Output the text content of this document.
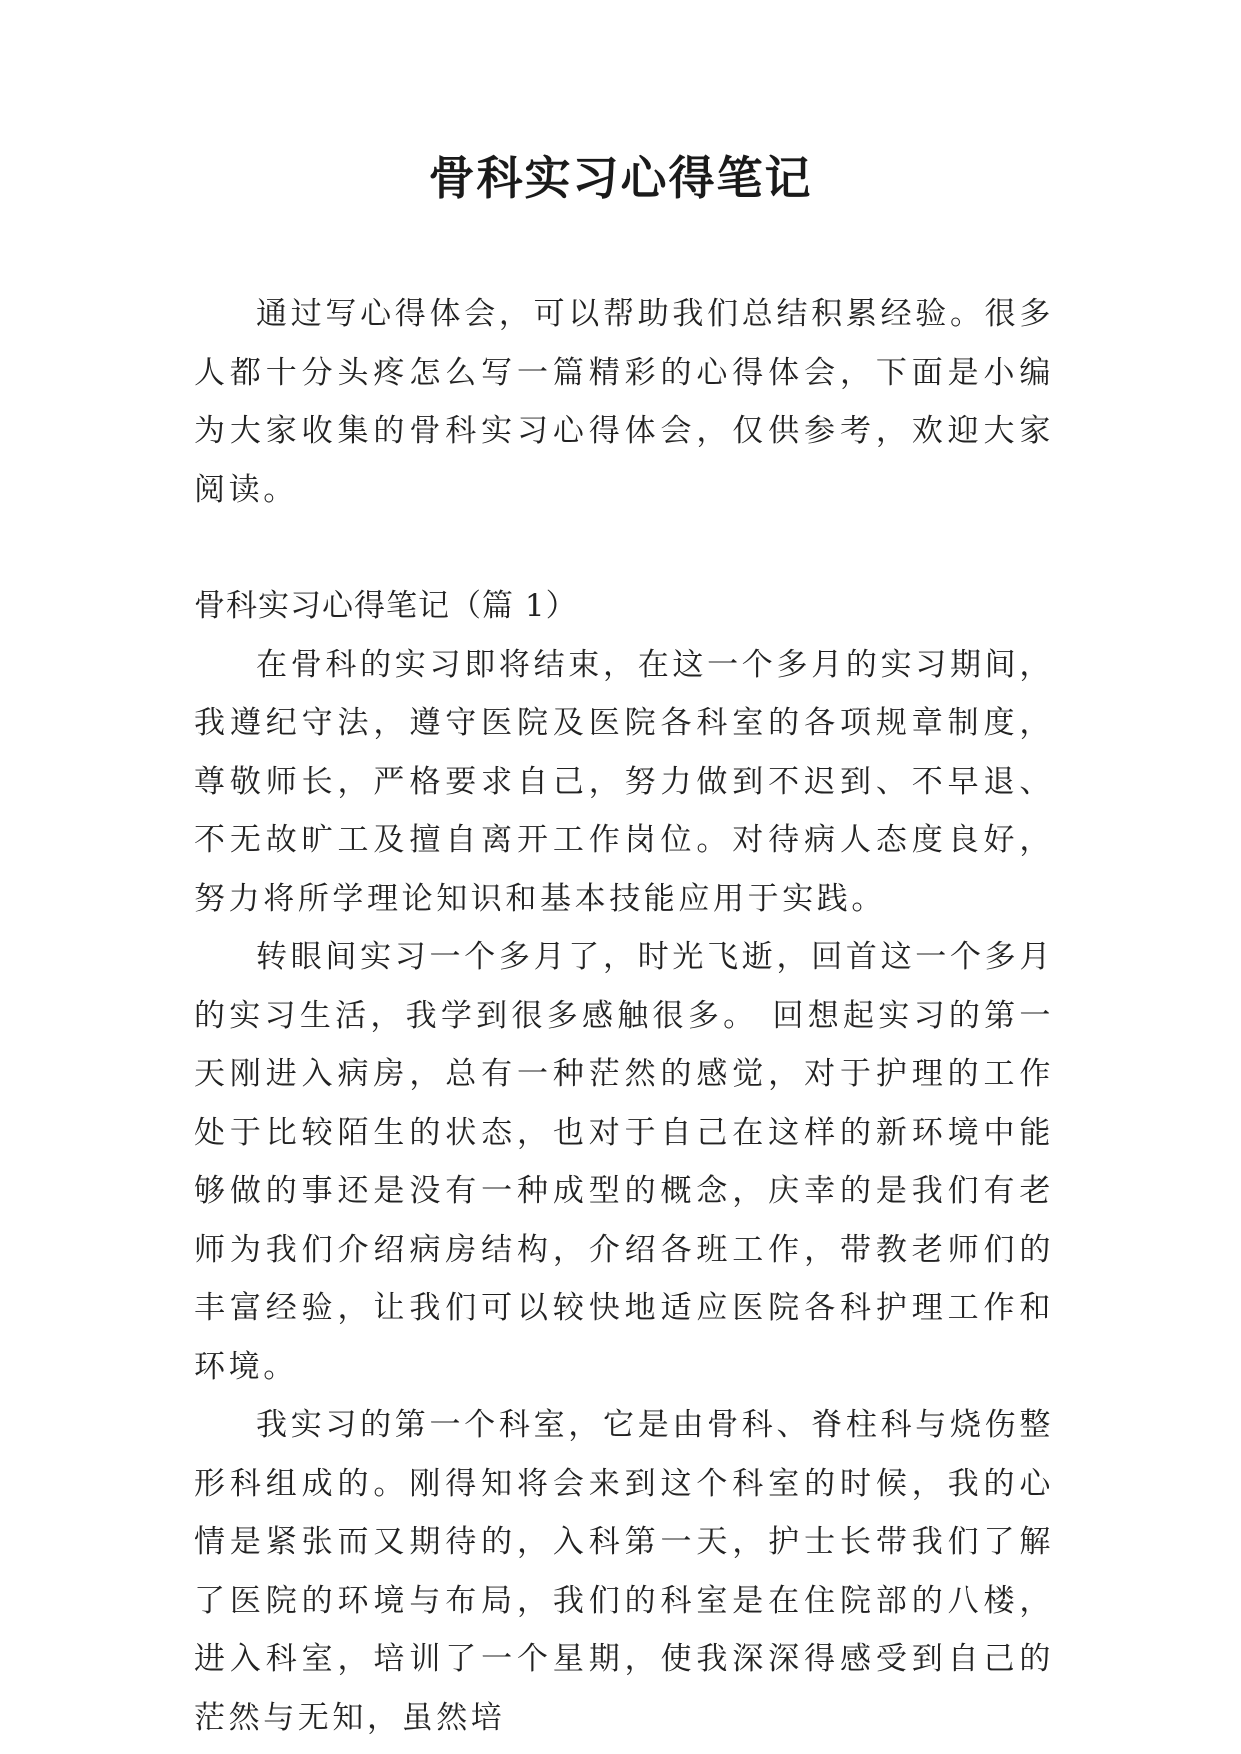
骨科实习心得笔记

通过写心得体会，可以帮助我们总结积累经验。很多人都十分头疼怎么写一篇精彩的心得体会，下面是小编为大家收集的骨科实习心得体会，仅供参考，欢迎大家阅读。

骨科实习心得笔记（篇 1）

在骨科的实习即将结束，在这一个多月的实习期间，我遵纪守法，遵守医院及医院各科室的各项规章制度，尊敬师长，严格要求自己，努力做到不迟到、不早退、不无故旷工及擅自离开工作岗位。对待病人态度良好，努力将所学理论知识和基本技能应用于实践。

转眼间实习一个多月了，时光飞逝，回首这一个多月的实习生活，我学到很多感触很多。 回想起实习的第一天刚进入病房，总有一种茫然的感觉，对于护理的工作处于比较陌生的状态，也对于自己在这样的新环境中能够做的事还是没有一种成型的概念，庆幸的是我们有老师为我们介绍病房结构，介绍各班工作，带教老师们的丰富经验，让我们可以较快地适应医院各科护理工作和环境。

我实习的第一个科室，它是由骨科、脊柱科与烧伤整形科组成的。刚得知将会来到这个科室的时候，我的心情是紧张而又期待的，入科第一天，护士长带我们了解了医院的环境与布局，我们的科室是在住院部的八楼，进入科室，培训了一个星期，使我深深得感受到自己的茫然与无知，虽然培
